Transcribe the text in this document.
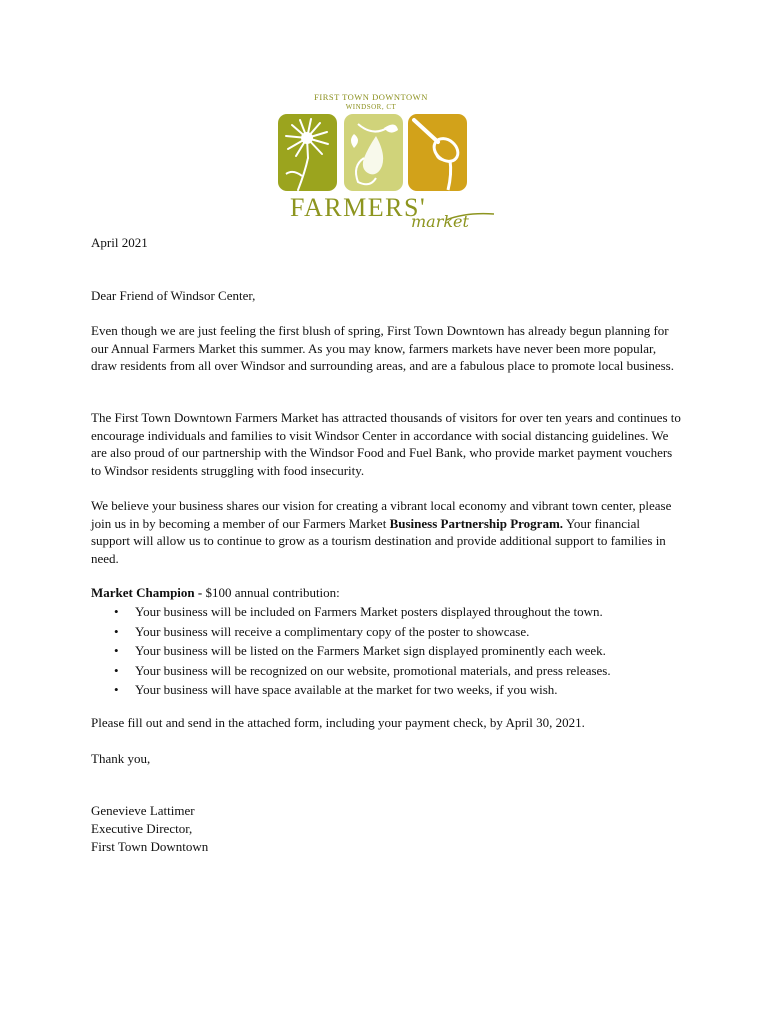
FIRST TOWN DOWNTOWN
WINDSOR, CT
FARMERS'
market

April 2021

Dear Friend of Windsor Center,

Even though we are just feeling the first blush of spring, First Town Downtown has already begun planning for our Annual Farmers Market this summer. As you may know, farmers markets have never been more popular, draw residents from all over Windsor and surrounding areas, and are a fabulous place to promote local business.

The First Town Downtown Farmers Market has attracted thousands of visitors for over ten years and continues to encourage individuals and families to visit Windsor Center in accordance with social distancing guidelines. We are also proud of our partnership with the Windsor Food and Fuel Bank, who provide market payment vouchers to Windsor residents struggling with food insecurity.

We believe your business shares our vision for creating a vibrant local economy and vibrant town center, please join us in by becoming a member of our Farmers Market Business Partnership Program. Your financial support will allow us to continue to grow as a tourism destination and provide additional support to families in need.

Market Champion - $100 annual contribution:

• Your business will be included on Farmers Market posters displayed throughout the town.
• Your business will receive a complimentary copy of the poster to showcase.
• Your business will be listed on the Farmers Market sign displayed prominently each week.
• Your business will be recognized on our website, promotional materials, and press releases.
• Your business will have space available at the market for two weeks, if you wish.

Please fill out and send in the attached form, including your payment check, by April 30, 2021.

Thank you,

Genevieve Lattimer

Executive Director,

First Town Downtown
